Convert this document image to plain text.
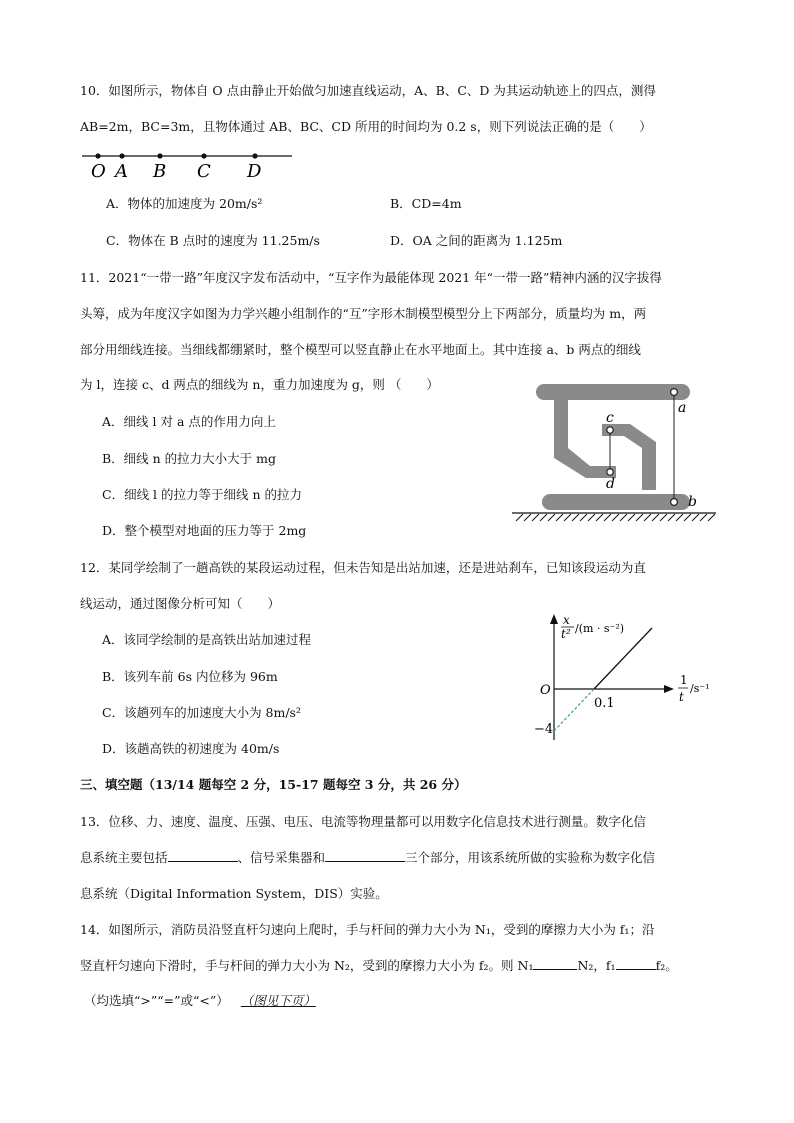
10．如图所示，物体自 O 点由静止开始做匀加速直线运动，A、B、C、D 为其运动轨迹上的四点，测得
AB=2m，BC=3m，且物体通过 AB、BC、CD 所用的时间均为 0.2 s，则下列说法正确的是（　　）
O A B C D
A．物体的加速度为 20m/s²	B．CD=4m
C．物体在 B 点时的速度为 11.25m/s	D．OA 之间的距离为 1.125m
11．2021“一带一路”年度汉字发布活动中，“互字作为最能体现 2021 年“一带一路”精神内涵的汉字拔得
头筹，成为年度汉字如图为力学兴趣小组制作的“互”字形木制模型模型分上下两部分，质量均为 m，两
部分用细线连接。当细线都绷紧时，整个模型可以竖直静止在水平地面上。其中连接 a、b 两点的细线
为 l，连接 c、d 两点的细线为 n，重力加速度为 g，则 （　　）
A．细线 l 对 a 点的作用力向上
B．细线 n 的拉力大小大于 mg
C．细线 l 的拉力等于细线 n 的拉力
D．整个模型对地面的压力等于 2mg
a
b
c
d
12．某同学绘制了一趟高铁的某段运动过程，但未告知是出站加速，还是进站刹车，已知该段运动为直
线运动，通过图像分析可知（　　）
A．该同学绘制的是高铁出站加速过程
B．该列车前 6s 内位移为 96m
C．该趟列车的加速度大小为 8m/s²
D．该趟高铁的初速度为 40m/s
x
t² /(m · s⁻²)
1
t
/s⁻¹
O
0.1
−4
三、填空题（13/14 题每空 2 分，15-17 题每空 3 分，共 26 分）
13．位移、力、速度、温度、压强、电压、电流等物理量都可以用数字化信息技术进行测量。数字化信
息系统主要包括	、信号采集器和	三个部分，用该系统所做的实验称为数字化信
息系统（Digital Information System，DIS）实验。
14．如图所示，消防员沿竖直杆匀速向上爬时，手与杆间的弹力大小为 N₁，受到的摩擦力大小为 f₁；沿
竖直杆匀速向下滑时，手与杆间的弹力大小为 N₂，受到的摩擦力大小为 f₂。则 N₁	N₂，f₁	f₂。
（均选填“>”“=”或“<”） （图见下页）
